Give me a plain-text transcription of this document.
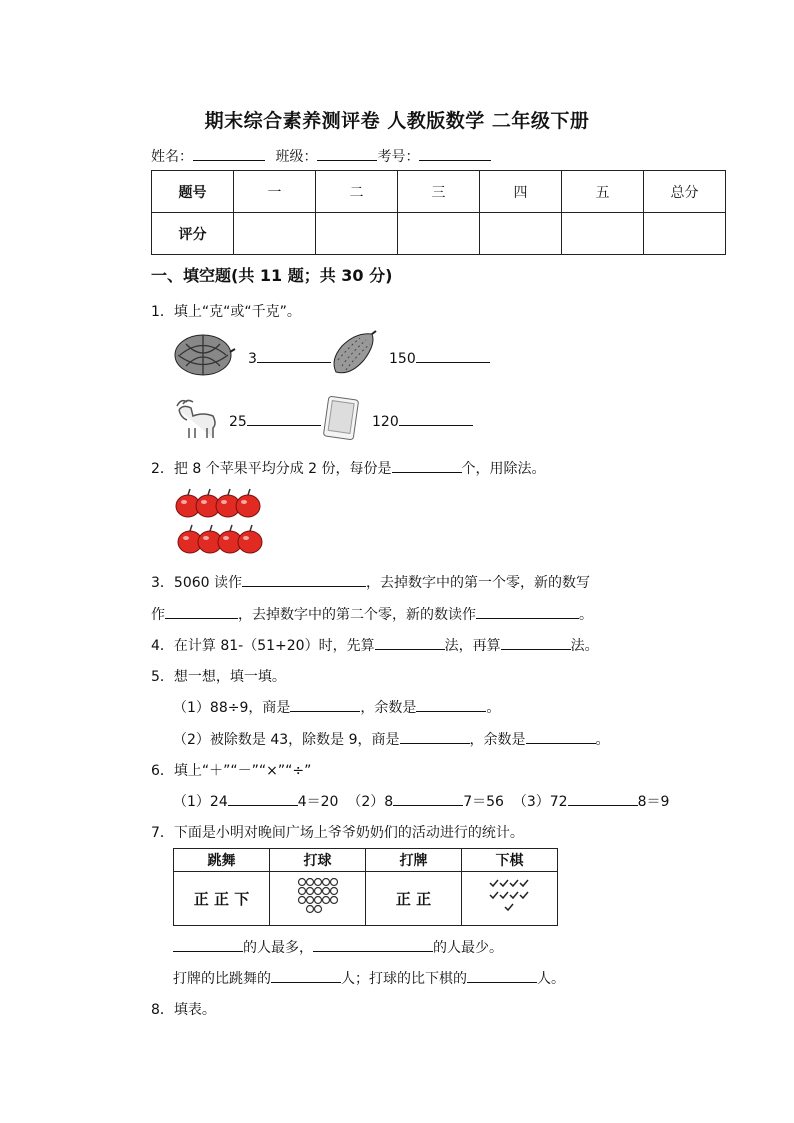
期末综合素养测评卷 人教版数学 二年级下册
姓名：	班级：	考号：
题号	一	二	三	四	五	总分
评分						
一、填空题(共 11 题；共 30 分)
1．填上“克“或“千克”。
3	150
25	120
2．把 8 个苹果平均分成 2 份，每份是	个，用除法。
3．5060 读作	，去掉数字中的第一个零，新的数写
作	，去掉数字中的第二个零，新的数读作	。
4．在计算 81-（51+20）时，先算	法，再算	法。
5．想一想，填一填。
（1）88÷9，商是	，余数是	。
（2）被除数是 43，除数是 9，商是	，余数是	。
6．填上“＋”“－”“×”“÷”
（1）24	4＝20 （2）8	7＝56 （3）72	8＝9
7．下面是小明对晚间广场上爷爷奶奶们的活动进行的统计。
跳舞	打球	打牌	下棋
正 正 下		正 正	
的人最多，	的人最少。
打牌的比跳舞的	人；打球的比下棋的	人。
8．填表。
